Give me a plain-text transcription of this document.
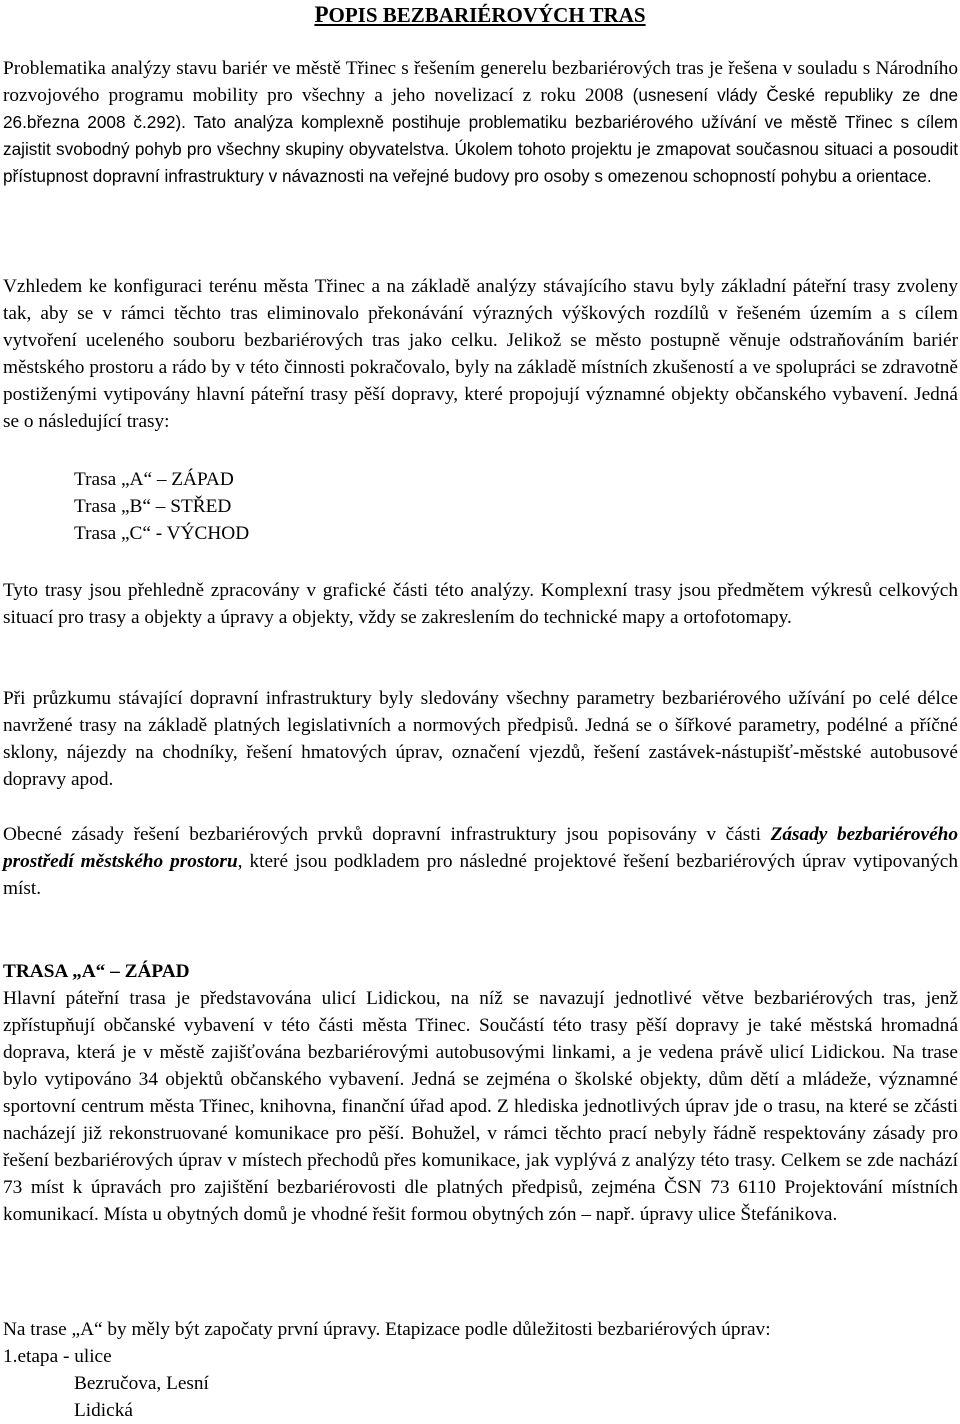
POPIS BEZBARIÉROVÝCH TRAS
Problematika analýzy stavu bariér ve městě Třinec s řešením generelu bezbariérových tras je řešena v souladu s Národního rozvojového programu mobility pro všechny a jeho novelizací z roku 2008 (usnesení vlády České republiky ze dne 26.března 2008 č.292). Tato analýza komplexně postihuje problematiku bezbariérového užívání ve městě Třinec s cílem zajistit svobodný pohyb pro všechny skupiny obyvatelstva. Úkolem tohoto projektu je zmapovat současnou situaci a posoudit přístupnost dopravní infrastruktury v návaznosti na veřejné budovy pro osoby s omezenou schopností pohybu a orientace.
Vzhledem ke konfiguraci terénu města Třinec a na základě analýzy stávajícího stavu byly základní páteřní trasy zvoleny tak, aby se v rámci těchto tras eliminovalo překonávání výrazných výškových rozdílů v řešeném územím a s cílem vytvoření uceleného souboru bezbariérových tras jako celku. Jelikož se město postupně věnuje odstraňováním bariér městského prostoru a rádo by v této činnosti pokračovalo, byly na základě místních zkušeností a ve spolupráci se zdravotně postiženými vytipovány hlavní páteřní trasy pěší dopravy, které propojují významné objekty občanského vybavení. Jedná se o následující trasy:
Trasa „A“ – ZÁPAD
Trasa „B“ – STŘED
Trasa „C“ - VÝCHOD
Tyto trasy jsou přehledně zpracovány v grafické části této analýzy. Komplexní trasy jsou předmětem výkresů celkových situací pro trasy a objekty a úpravy a objekty, vždy se zakreslením do technické mapy a ortofotomapy.
Při průzkumu stávající dopravní infrastruktury byly sledovány všechny parametry bezbariérového užívání po celé délce navržené trasy na základě platných legislativních a normových předpisů. Jedná se o šířkové parametry, podélné a příčné sklony, nájezdy na chodníky, řešení hmatových úprav, označení vjezdů, řešení zastávek-nástupišť-městské autobusové dopravy apod.
Obecné zásady řešení bezbariérových prvků dopravní infrastruktury jsou popisovány v části Zásady bezbariérového prostředí městského prostoru, které jsou podkladem pro následné projektové řešení bezbariérových úprav vytipovaných míst.
TRASA „A“ – ZÁPAD
Hlavní páteřní trasa je představována ulicí Lidickou, na níž se navazují jednotlivé větve bezbariérových tras, jenž zpřístupňují občanské vybavení v této části města Třinec. Součástí této trasy pěší dopravy je také městská hromadná doprava, která je v městě zajišťována bezbariérovými autobusovými linkami, a je vedena právě ulicí Lidickou. Na trase bylo vytipováno 34 objektů občanského vybavení. Jedná se zejména o školské objekty, dům dětí a mládeže, významné sportovní centrum města Třinec, knihovna, finanční úřad apod. Z hlediska jednotlivých úprav jde o trasu, na které se zčásti nacházejí již rekonstruované komunikace pro pěší. Bohužel, v rámci těchto prací nebyly řádně respektovány zásady pro řešení bezbariérových úprav v místech přechodů přes komunikace, jak vyplývá z analýzy této trasy. Celkem se zde nachází 73 míst k úpravách pro zajištění bezbariérovosti dle platných předpisů, zejména ČSN 73 6110 Projektování místních komunikací. Místa u obytných domů je vhodné řešit formou obytných zón – např. úpravy ulice Štefánikova.
Na trase „A“ by měly být započaty první úpravy. Etapizace podle důležitosti bezbariérových úprav:
1.etapa - ulice
Bezručova, Lesní
Lidická
